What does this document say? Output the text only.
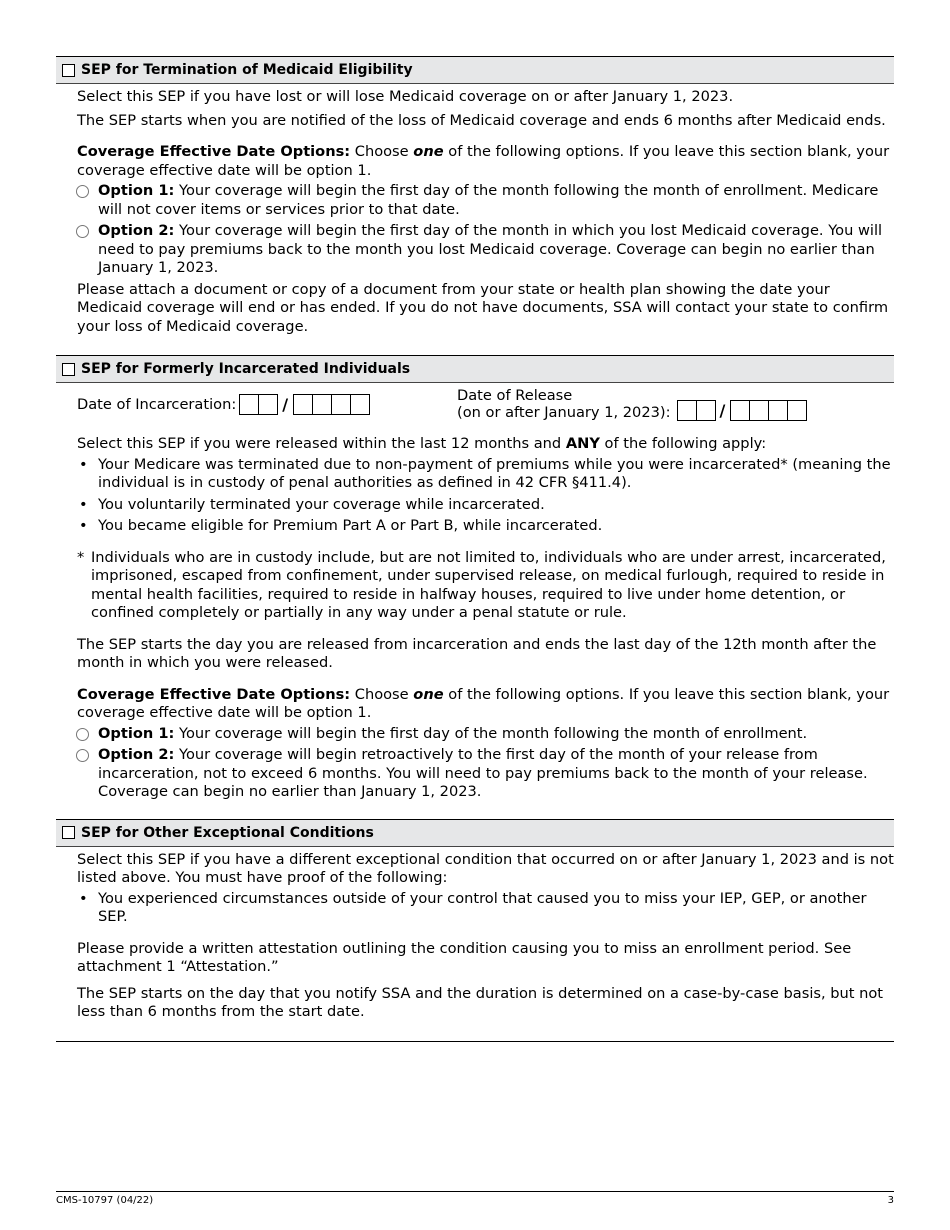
SEP for Termination of Medicaid Eligibility

Select this SEP if you have lost or will lose Medicaid coverage on or after January 1, 2023.

The SEP starts when you are notified of the loss of Medicaid coverage and ends 6 months after Medicaid ends.

Coverage Effective Date Options: Choose one of the following options. If you leave this section blank, your coverage effective date will be option 1.

Option 1: Your coverage will begin the first day of the month following the month of enrollment. Medicare will not cover items or services prior to that date.
Option 2: Your coverage will begin the first day of the month in which you lost Medicaid coverage. You will need to pay premiums back to the month you lost Medicaid coverage. Coverage can begin no earlier than January 1, 2023.

Please attach a document or copy of a document from your state or health plan showing the date your Medicaid coverage will end or has ended. If you do not have documents, SSA will contact your state to confirm your loss of Medicaid coverage.

SEP for Formerly Incarcerated Individuals
Date of Incarceration:	/	Date of Release
(on or after January 1, 2023):	/

Select this SEP if you were released within the last 12 months and ANY of the following apply:

• Your Medicare was terminated due to non-payment of premiums while you were incarcerated* (meaning the individual is in custody of penal authorities as defined in 42 CFR §411.4).
• You voluntarily terminated your coverage while incarcerated.
• You became eligible for Premium Part A or Part B, while incarcerated.

* Individuals who are in custody include, but are not limited to, individuals who are under arrest, incarcerated, imprisoned, escaped from confinement, under supervised release, on medical furlough, required to reside in mental health facilities, required to reside in halfway houses, required to live under home detention, or confined completely or partially in any way under a penal statute or rule.

The SEP starts the day you are released from incarceration and ends the last day of the 12th month after the month in which you were released.

Coverage Effective Date Options: Choose one of the following options. If you leave this section blank, your coverage effective date will be option 1.

Option 1: Your coverage will begin the first day of the month following the month of enrollment.
Option 2: Your coverage will begin retroactively to the first day of the month of your release from incarceration, not to exceed 6 months. You will need to pay premiums back to the month of your release. Coverage can begin no earlier than January 1, 2023.
SEP for Other Exceptional Conditions

Select this SEP if you have a different exceptional condition that occurred on or after January 1, 2023 and is not listed above. You must have proof of the following:

• You experienced circumstances outside of your control that caused you to miss your IEP, GEP, or another SEP.

Please provide a written attestation outlining the condition causing you to miss an enrollment period. See attachment 1 “Attestation.”

The SEP starts on the day that you notify SSA and the duration is determined on a case-by-case basis, but not less than 6 months from the start date.

CMS-10797 (04/22)	3
